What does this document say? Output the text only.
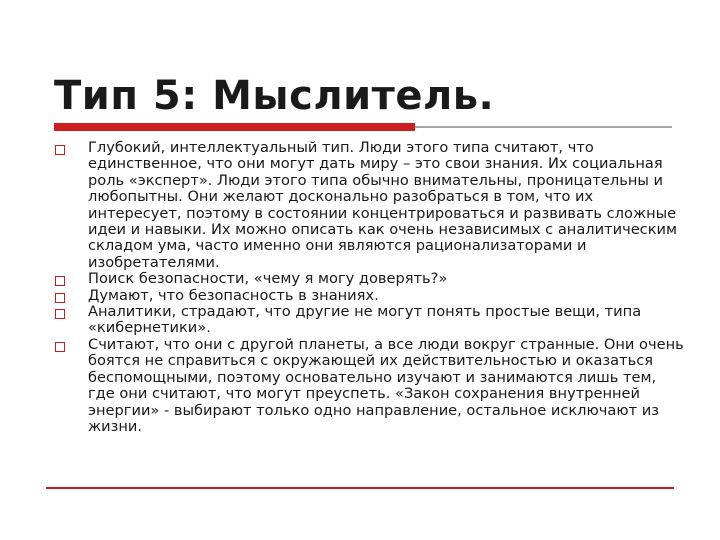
Тип 5: Мыслитель.
Глубокий, интеллектуальный тип. Люди этого типа считают, что единственное, что они могут дать миру – это свои знания. Их социальная роль «эксперт». Люди этого типа обычно внимательны, проницательны и любопытны. Они желают досконально разобраться в том, что их интересует, поэтому в состоянии концентрироваться и развивать сложные идеи и навыки. Их можно описать как очень независимых с аналитическим складом ума, часто именно они являются рационализаторами и изобретателями.
Поиск безопасности, «чему я могу доверять?»
Думают, что безопасность в знаниях.
Аналитики, страдают, что другие не могут понять простые вещи, типа «кибернетики».
Считают, что они с другой планеты, а все люди вокруг странные. Они очень боятся не справиться с окружающей их действительностью и оказаться беспомощными, поэтому основательно изучают и занимаются лишь тем, где они считают, что могут преуспеть. «Закон сохранения внутренней энергии» - выбирают только одно направление, остальное исключают из жизни.
